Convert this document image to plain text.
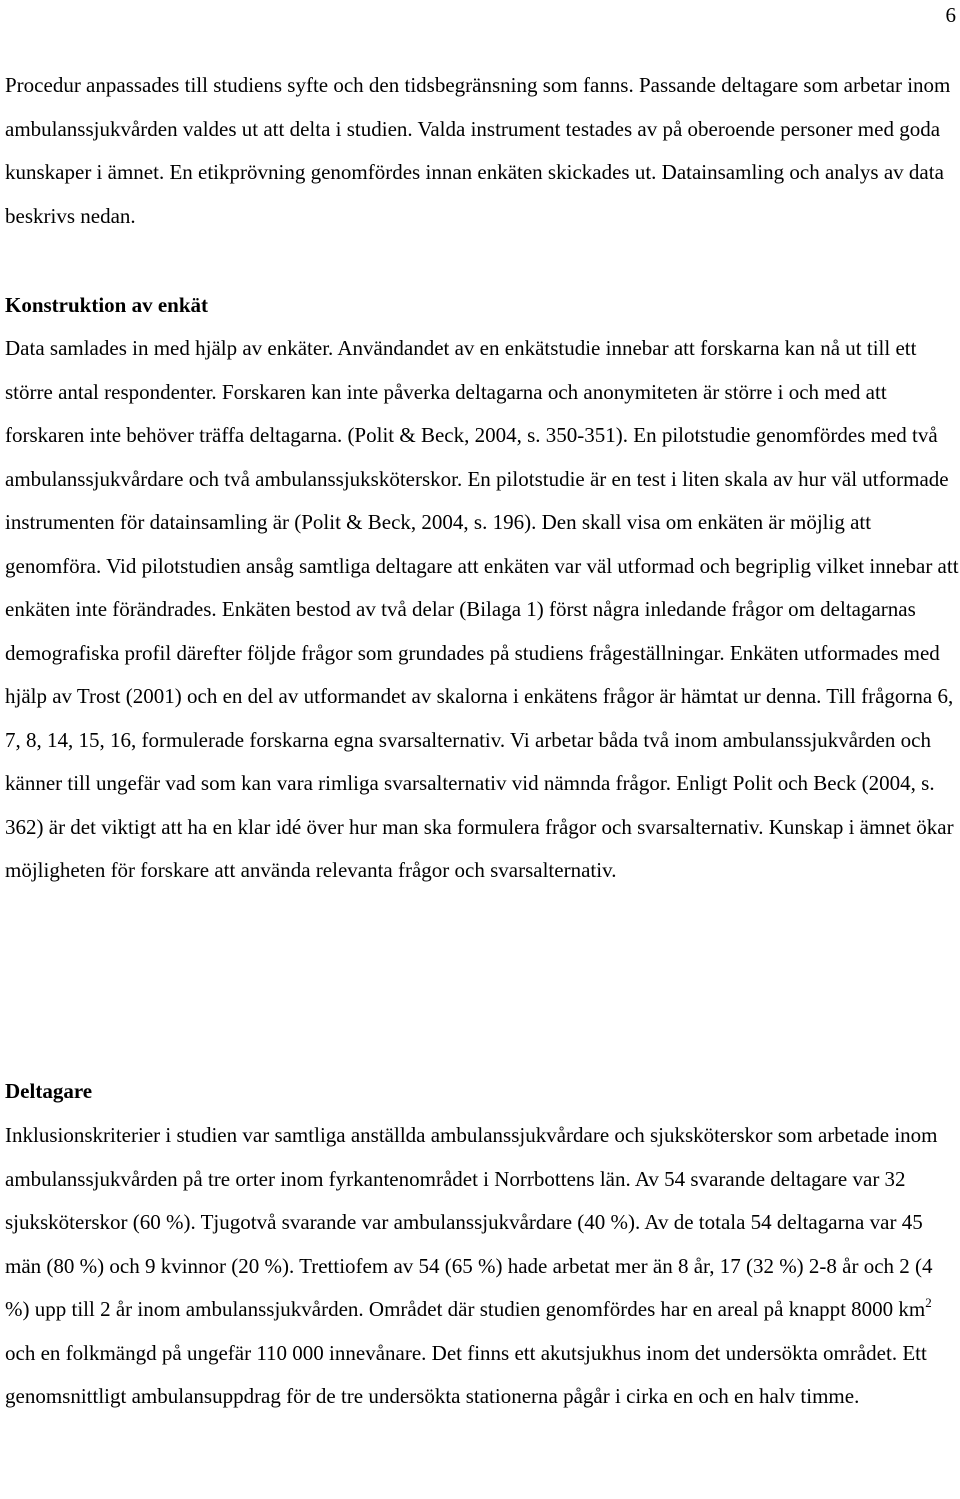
6

Procedur anpassades till studiens syfte och den tidsbegränsning som fanns. Passande deltagare som arbetar inom ambulanssjukvården valdes ut att delta i studien. Valda instrument testades av på oberoende personer med goda kunskaper i ämnet. En etikprövning genomfördes innan enkäten skickades ut. Datainsamling och analys av data beskrivs nedan.

Konstruktion av enkät

Data samlades in med hjälp av enkäter. Användandet av en enkätstudie innebar att forskarna kan nå ut till ett större antal respondenter. Forskaren kan inte påverka deltagarna och anonymiteten är större i och med att forskaren inte behöver träffa deltagarna. (Polit & Beck, 2004, s. 350-351). En pilotstudie genomfördes med två ambulanssjukvårdare och två ambulanssjuksköterskor. En pilotstudie är en test i liten skala av hur väl utformade instrumenten för datainsamling är (Polit & Beck, 2004, s. 196). Den skall visa om enkäten är möjlig att genomföra. Vid pilotstudien ansåg samtliga deltagare att enkäten var väl utformad och begriplig vilket innebar att enkäten inte förändrades. Enkäten bestod av två delar (Bilaga 1) först några inledande frågor om deltagarnas demografiska profil därefter följde frågor som grundades på studiens frågeställningar. Enkäten utformades med hjälp av Trost (2001) och en del av utformandet av skalorna i enkätens frågor är hämtat ur denna. Till frågorna 6, 7, 8, 14, 15, 16, formulerade forskarna egna svarsalternativ. Vi arbetar båda två inom ambulanssjukvården och känner till ungefär vad som kan vara rimliga svarsalternativ vid nämnda frågor. Enligt Polit och Beck (2004, s. 362) är det viktigt att ha en klar idé över hur man ska formulera frågor och svarsalternativ. Kunskap i ämnet ökar möjligheten för forskare att använda relevanta frågor och svarsalternativ.

Deltagare

Inklusionskriterier i studien var samtliga anställda ambulanssjukvårdare och sjuksköterskor som arbetade inom ambulanssjukvården på tre orter inom fyrkantenområdet i Norrbottens län. Av 54 svarande deltagare var 32 sjuksköterskor (60 %). Tjugotvå svarande var ambulanssjukvårdare (40 %). Av de totala 54 deltagarna var 45 män (80 %) och 9 kvinnor (20 %). Trettiofem av 54 (65 %) hade arbetat mer än 8 år, 17 (32 %) 2-8 år och 2 (4 %) upp till 2 år inom ambulanssjukvården. Området där studien genomfördes har en areal på knappt 8000 $km^2$ och en folkmängd på ungefär 110 000 innevånare. Det finns ett akutsjukhus inom det undersökta området. Ett genomsnittligt ambulansuppdrag för de tre undersökta stationerna pågår i cirka en och en halv timme.
